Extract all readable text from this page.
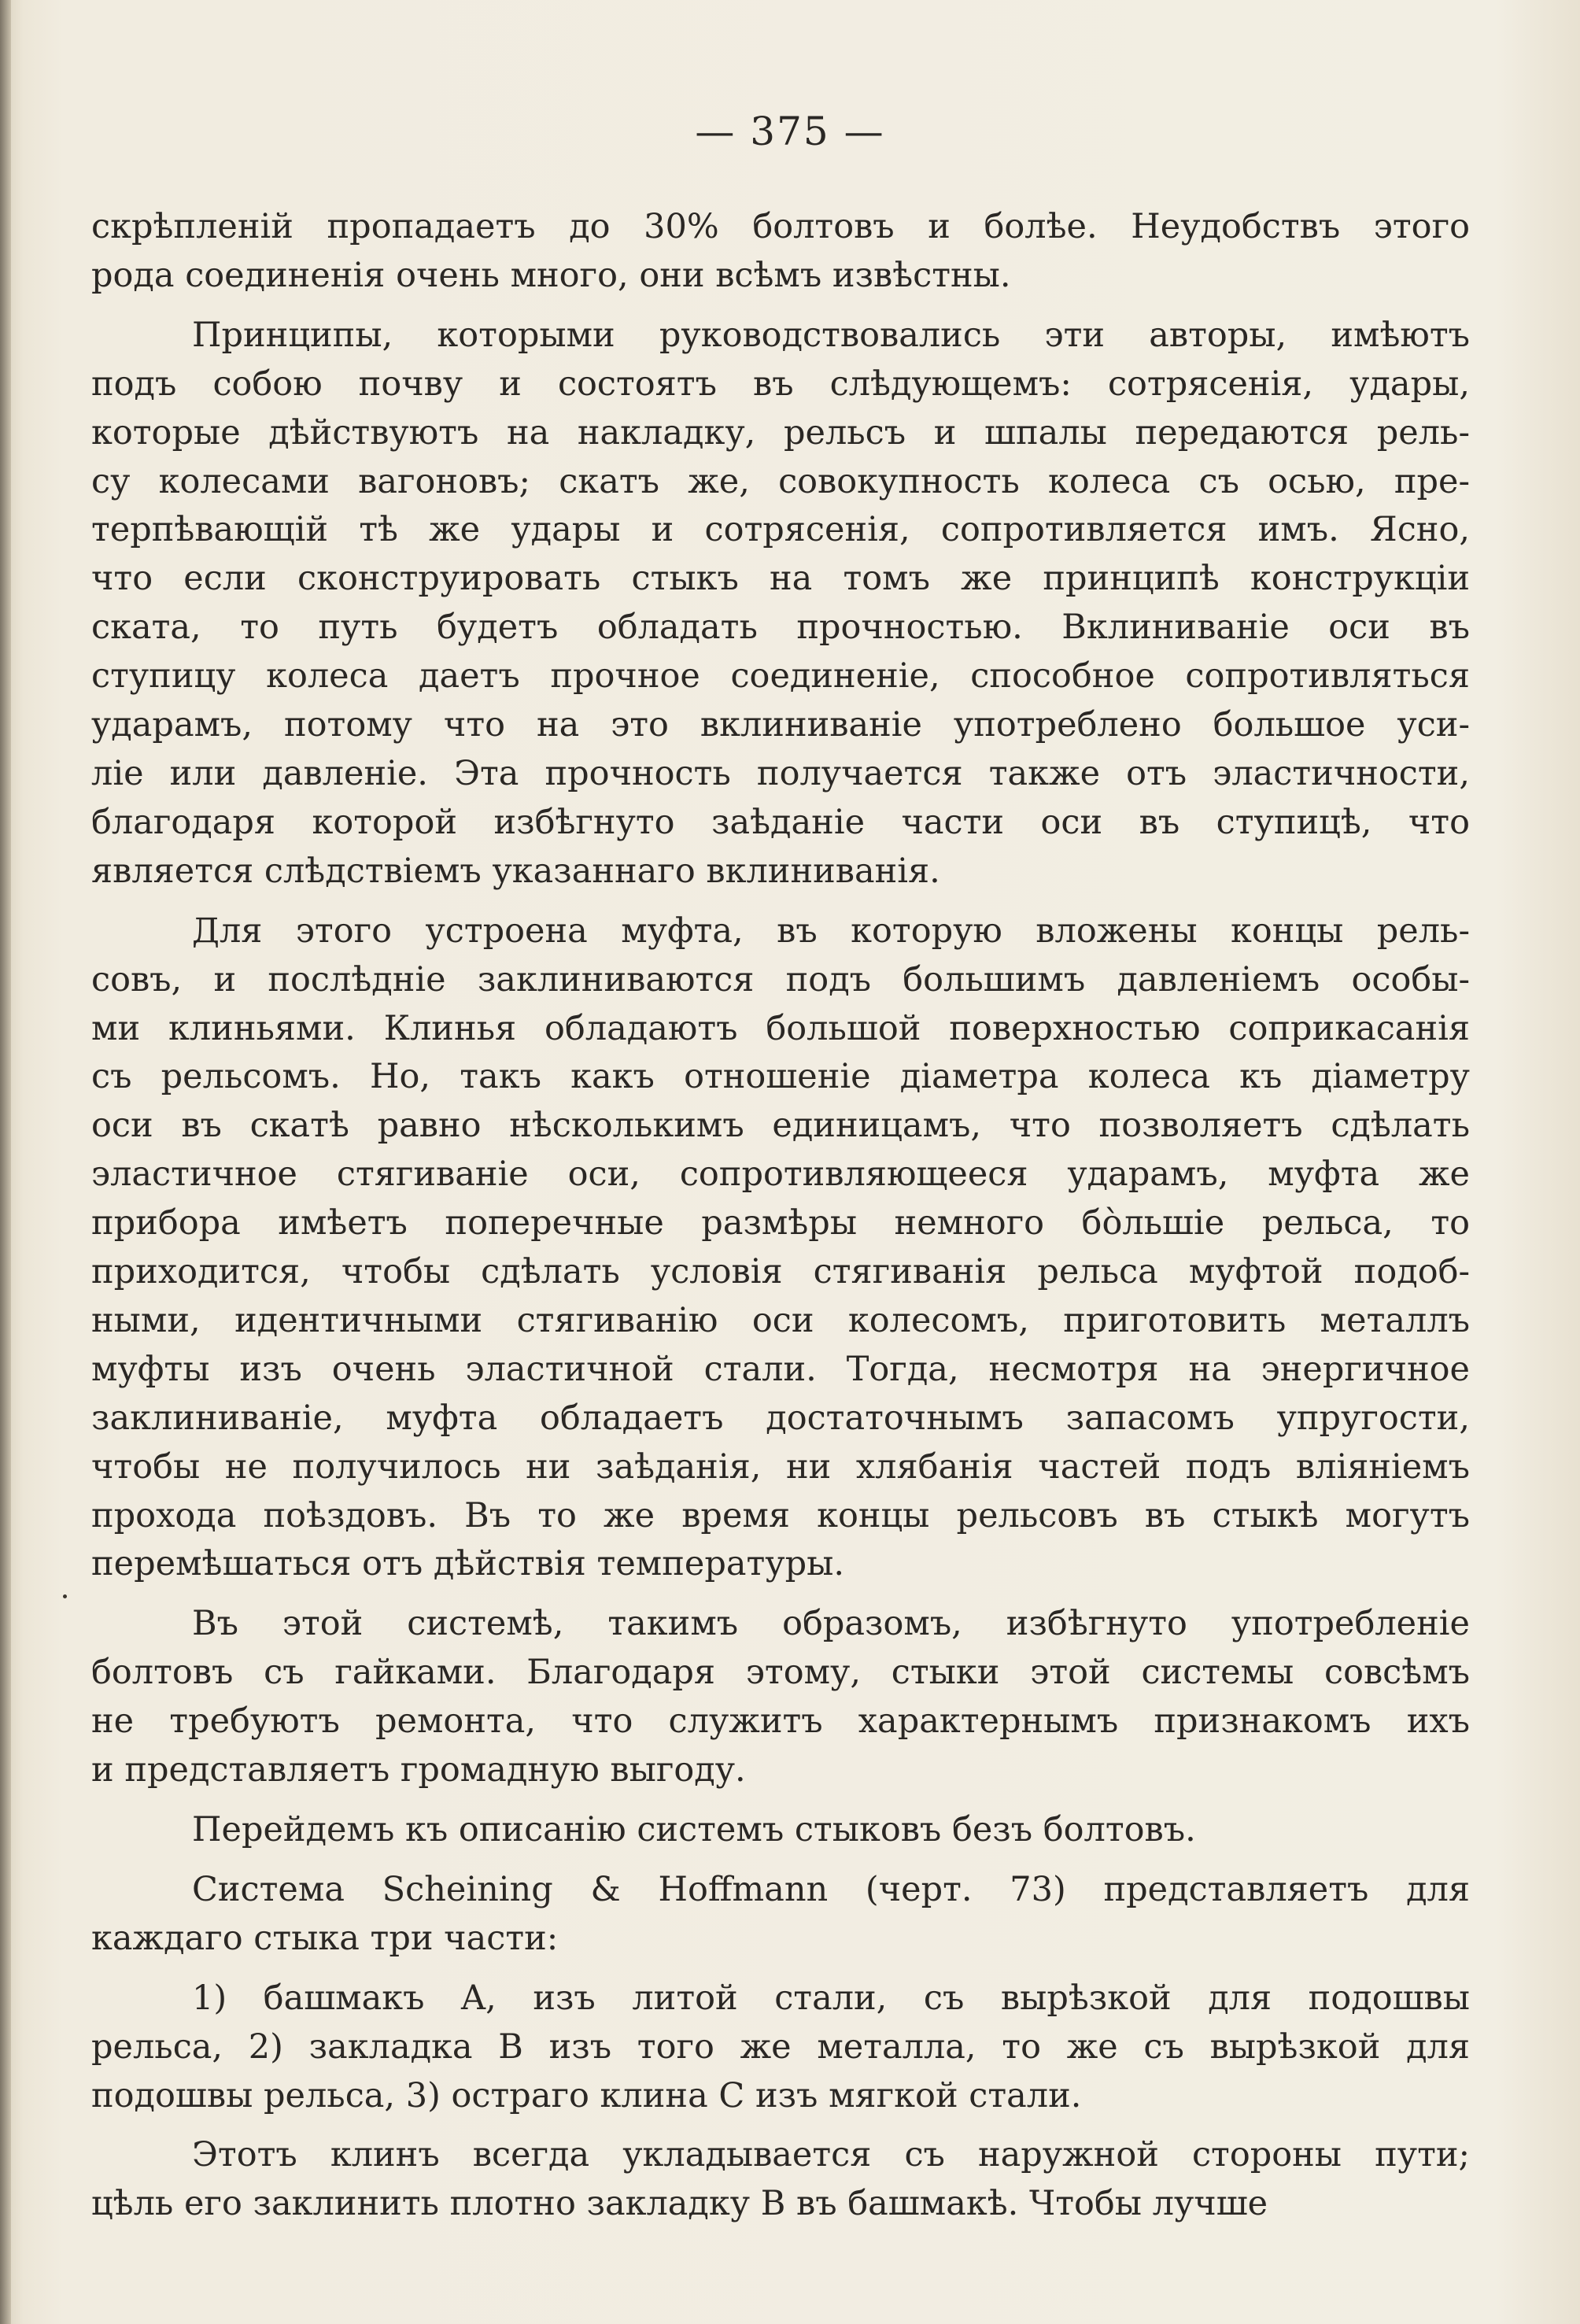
— 375 —
скрѣпленій пропадаетъ до 30% болтовъ и болѣе. Неудобствъ этого
рода соединенія очень много, они всѣмъ извѣстны.
Принципы, которыми руководствовались эти авторы, имѣютъ
подъ собою почву и состоятъ въ слѣдующемъ: сотрясенія, удары,
которые дѣйствуютъ на накладку, рельсъ и шпалы передаются рель-
су колесами вагоновъ; скатъ же, совокупность колеса съ осью, пре-
терпѣвающій тѣ же удары и сотрясенія, сопротивляется имъ. Ясно,
что если сконструировать стыкъ на томъ же принципѣ конструкціи
ската, то путь будетъ обладать прочностью. Вклиниваніе оси въ
ступицу колеса даетъ прочное соединеніе, способное сопротивляться
ударамъ, потому что на это вклиниваніе употреблено большое уси-
ліе или давленіе. Эта прочность получается также отъ эластичности,
благодаря которой избѣгнуто заѣданіе части оси въ ступицѣ, что
является слѣдствіемъ указаннаго вклиниванія.
Для этого устроена муфта, въ которую вложены концы рель-
совъ, и послѣдніе заклиниваются подъ большимъ давленіемъ особы-
ми клиньями. Клинья обладаютъ большой поверхностью соприкасанія
съ рельсомъ. Но, такъ какъ отношеніе діаметра колеса къ діаметру
оси въ скатѣ равно нѣсколькимъ единицамъ, что позволяетъ сдѣлать
эластичное стягиваніе оси, сопротивляющееся ударамъ, муфта же
прибора имѣетъ поперечные размѣры немного бо̀льшіе рельса, то
приходится, чтобы сдѣлать условія стягиванія рельса муфтой подоб-
ными, идентичными стягиванію оси колесомъ, приготовить металлъ
муфты изъ очень эластичной стали. Тогда, несмотря на энергичное
заклиниваніе, муфта обладаетъ достаточнымъ запасомъ упругости,
чтобы не получилось ни заѣданія, ни хлябанія частей подъ вліяніемъ
прохода поѣздовъ. Въ то же время концы рельсовъ въ стыкѣ могутъ
перемѣшаться отъ дѣйствія температуры.
Въ этой системѣ, такимъ образомъ, избѣгнуто употребленіе
болтовъ съ гайками. Благодаря этому, стыки этой системы совсѣмъ
не требуютъ ремонта, что служитъ характернымъ признакомъ ихъ
и представляетъ громадную выгоду.
Перейдемъ къ описанію системъ стыковъ безъ болтовъ.
Система Scheining & Hoffmann (черт. 73) представляетъ для
каждаго стыка три части:
1) башмакъ A, изъ литой стали, съ вырѣзкой для подошвы
рельса, 2) закладка B изъ того же металла, то же съ вырѣзкой для
подошвы рельса, 3) остраго клина C изъ мягкой стали.
Этотъ клинъ всегда укладывается съ наружной стороны пути;
цѣль его заклинить плотно закладку B въ башмакѣ. Чтобы лучше
